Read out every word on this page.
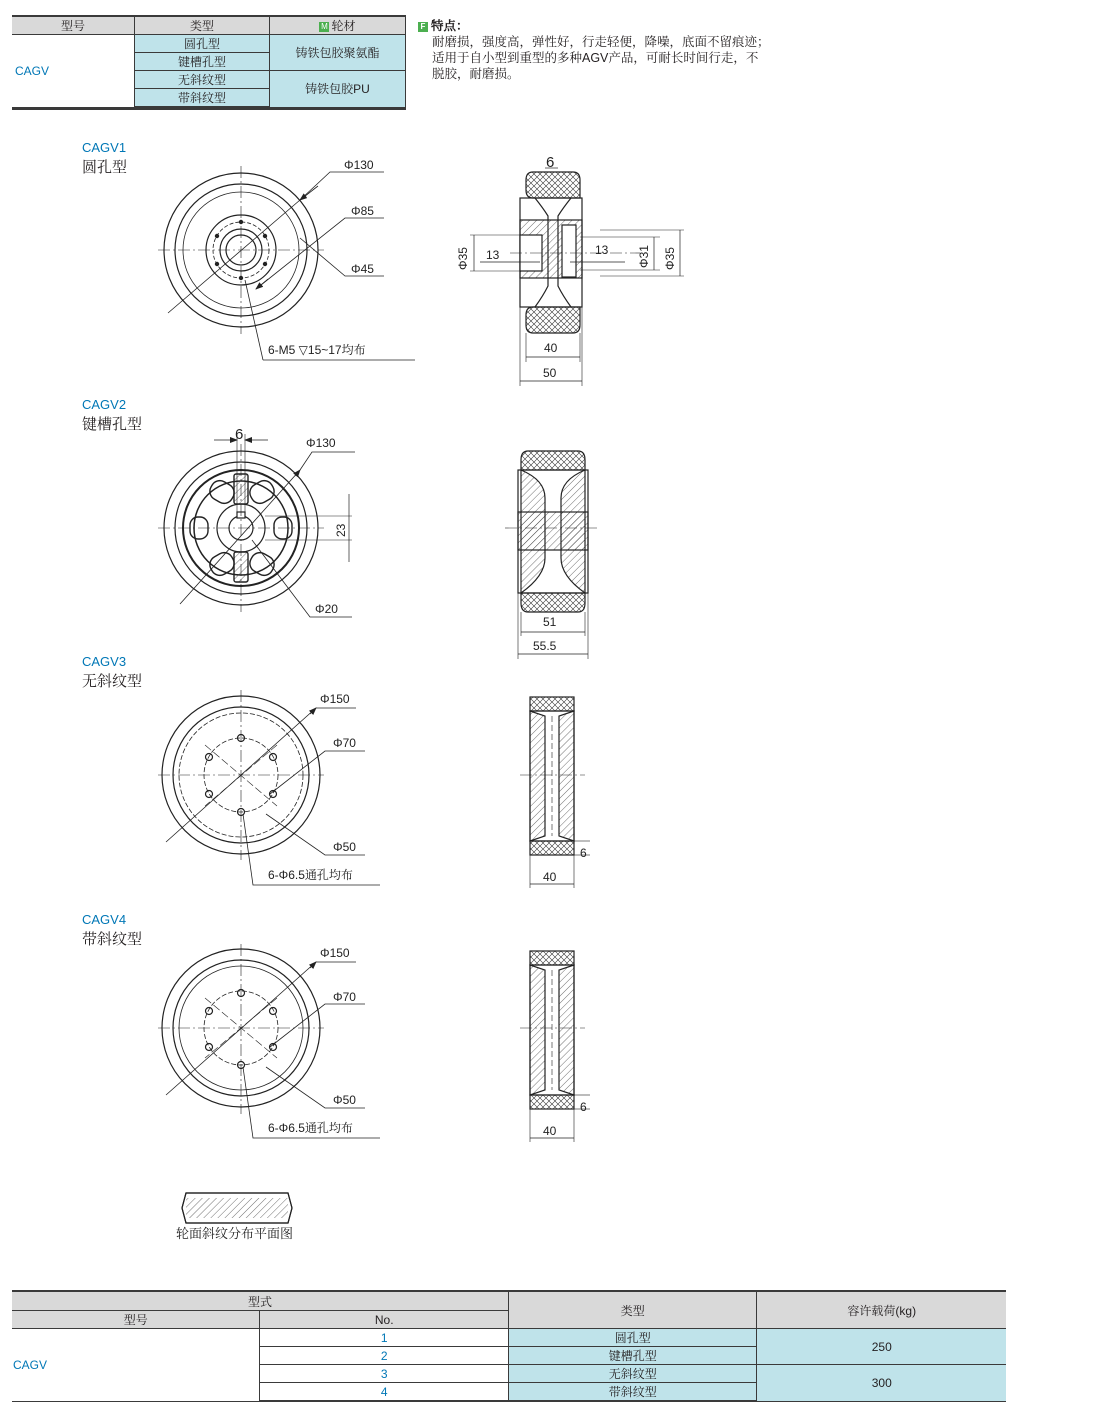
型号	类型	M 轮材
CAGV	圆孔型	铸铁包胶聚氨酯
	键槽孔型	
	无斜纹型	铸铁包胶PU
	带斜纹型	
F 特点：
耐磨损，强度高，弹性好，行走轻便，降噪，底面不留痕迹；
适用于自小型到重型的多种AGV产品，可耐长时间行走，不
脱胶，耐磨损。
CAGV1
圆孔型
CAGV2
键槽孔型
CAGV3
无斜纹型
CAGV4
带斜纹型
Φ130
Φ85
Φ45
6-M5 ▽15~17均布
6
Φ35 13	13 Φ31 Φ35
40
50
6	Φ130
23
Φ20
51
55.5
Φ150
Φ70
Φ50
6-Φ6.5通孔均布
6
40
Φ150
Φ70
Φ50
6-Φ6.5通孔均布
6
40
轮面斜纹分布平面图
型式		类型	容许载荷(kg)
型号	No.		
CAGV	1	圆孔型	250
	2	键槽孔型	
	3	无斜纹型	300
	4	带斜纹型	
